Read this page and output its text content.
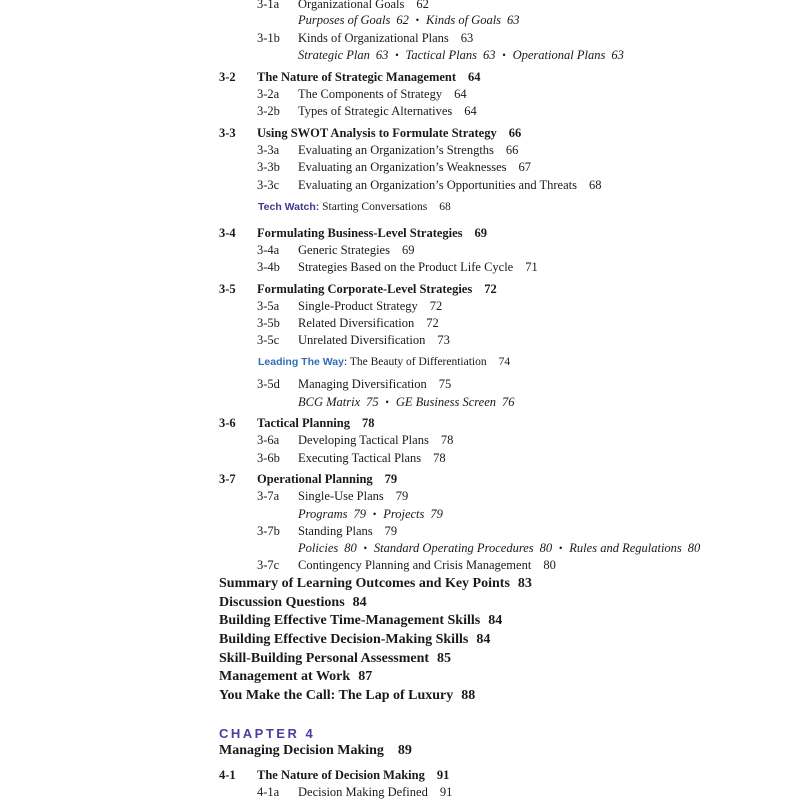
3-1a Organizational Goals 62
Purposes of Goals 62 • Kinds of Goals 63
3-1b Kinds of Organizational Plans 63
Strategic Plan 63 • Tactical Plans 63 • Operational Plans 63
3-2 The Nature of Strategic Management 64
3-2a The Components of Strategy 64
3-2b Types of Strategic Alternatives 64
3-3 Using SWOT Analysis to Formulate Strategy 66
3-3a Evaluating an Organization’s Strengths 66
3-3b Evaluating an Organization’s Weaknesses 67
3-3c Evaluating an Organization’s Opportunities and Threats 68
Tech Watch: Starting Conversations 68
3-4 Formulating Business-Level Strategies 69
3-4a Generic Strategies 69
3-4b Strategies Based on the Product Life Cycle 71
3-5 Formulating Corporate-Level Strategies 72
3-5a Single-Product Strategy 72
3-5b Related Diversification 72
3-5c Unrelated Diversification 73
Leading The Way: The Beauty of Differentiation 74
3-5d Managing Diversification 75
BCG Matrix 75 • GE Business Screen 76
3-6 Tactical Planning 78
3-6a Developing Tactical Plans 78
3-6b Executing Tactical Plans 78
3-7 Operational Planning 79
3-7a Single-Use Plans 79
Programs 79 • Projects 79
3-7b Standing Plans 79
Policies 80 • Standard Operating Procedures 80 • Rules and Regulations 80
3-7c Contingency Planning and Crisis Management 80
Summary of Learning Outcomes and Key Points 83
Discussion Questions 84
Building Effective Time-Management Skills 84
Building Effective Decision-Making Skills 84
Skill-Building Personal Assessment 85
Management at Work 87
You Make the Call: The Lap of Luxury 88
CHAPTER 4
Managing Decision Making 89
4-1 The Nature of Decision Making 91
4-1a Decision Making Defined 91
